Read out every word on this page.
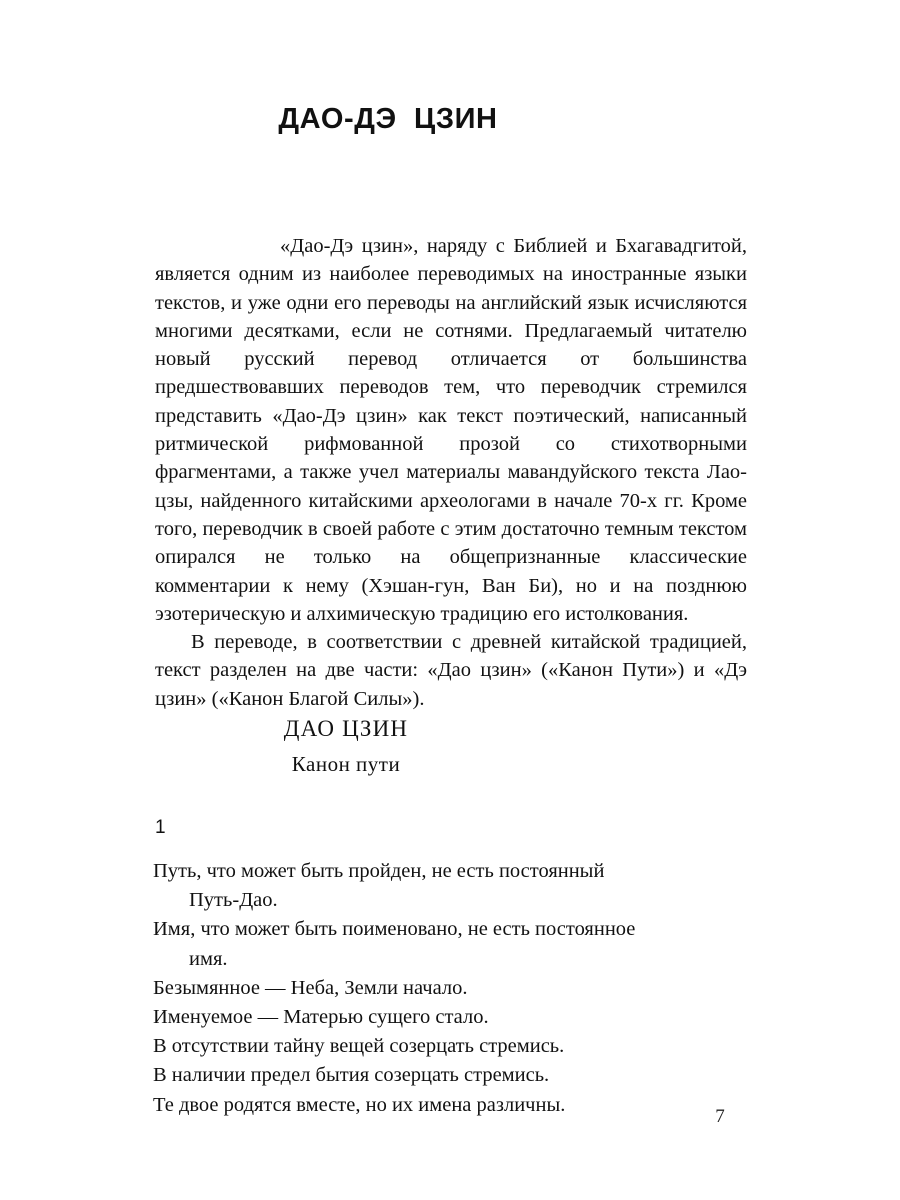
ДАО-ДЭ  ЦЗИН

«Дао-Дэ цзин», наряду с Библией и Бхагавадгитой, является одним из наиболее переводимых на иностранные языки текстов, и уже одни его переводы на английский язык исчисляются многими десятками, если не сотнями. Предлагаемый читателю новый русский перевод отличается от большинства предшествовавших переводов тем, что переводчик стремился представить «Дао-Дэ цзин» как текст поэтический, написанный ритмической рифмованной прозой со стихотворными фрагментами, а также учел материалы мавандуйского текста Лао-цзы, найденного китайскими археологами в начале 70-х гг. Кроме того, переводчик в своей работе с этим достаточно темным текстом опирался не только на общепризнанные классические комментарии к нему (Хэшан-гун, Ван Би), но и на позднюю эзотерическую и алхимическую традицию его истолкования.

В переводе, в соответствии с древней китайской традицией, текст разделен на две части: «Дао цзин» («Канон Пути») и «Дэ цзин» («Канон Благой Силы»).

ДАО ЦЗИН
Канон пути
1
Путь, что может быть пройден, не есть постоянный
Путь-Дао.
Имя, что может быть поименовано, не есть постоянное
имя.
Безымянное — Неба, Земли начало.
Именуемое — Матерью сущего стало.
В отсутствии тайну вещей созерцать стремись.
В наличии предел бытия созерцать стремись.
Те двое родятся вместе, но их имена различны.
7
